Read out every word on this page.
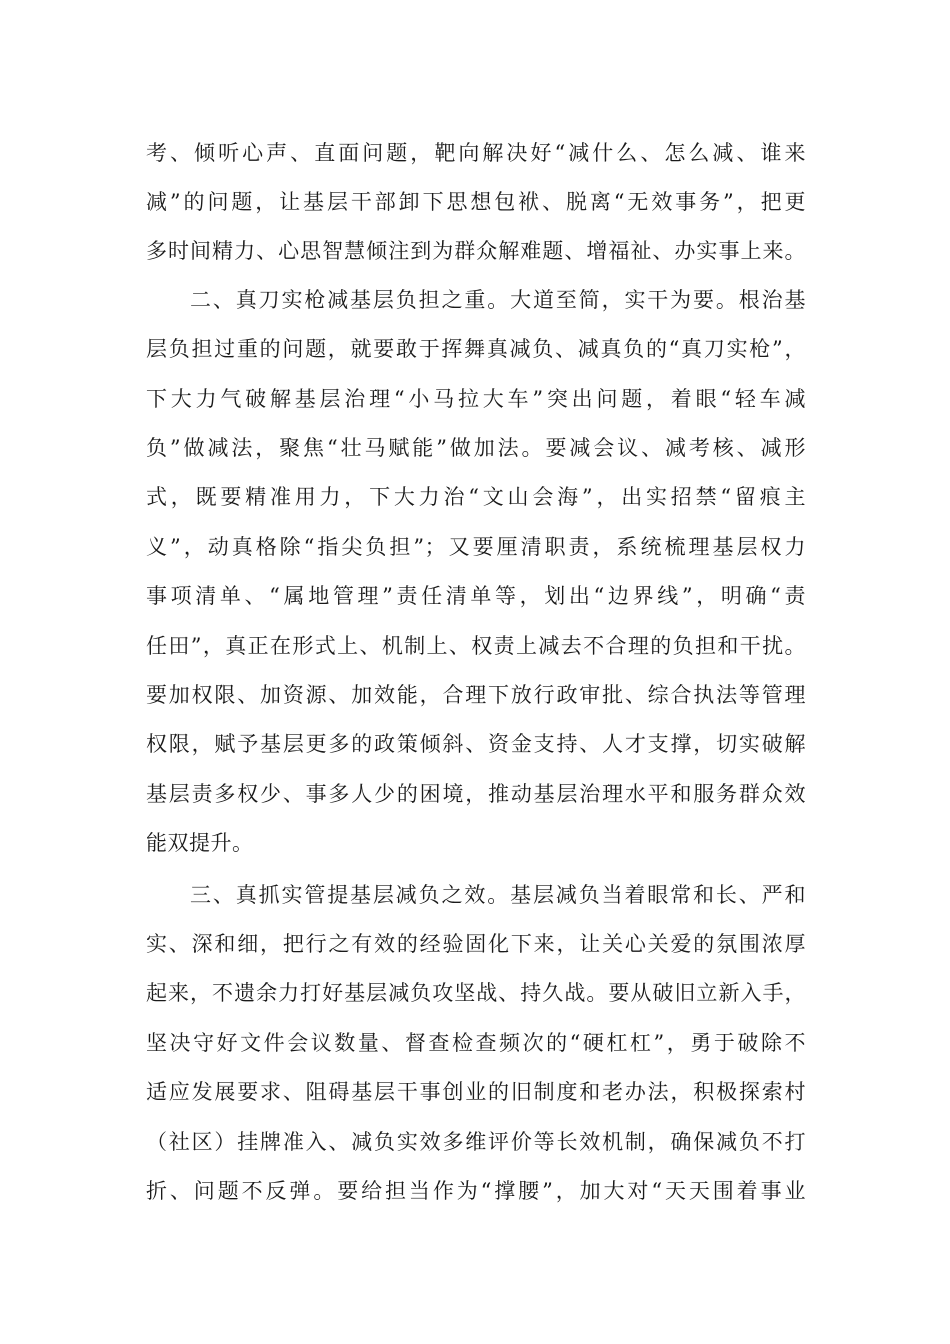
考、倾听心声、直面问题，靶向解决好“减什么、怎么减、谁来
减”的问题，让基层干部卸下思想包袱、脱离“无效事务”，把更
多时间精力、心思智慧倾注到为群众解难题、增福祉、办实事上来。
二、真刀实枪减基层负担之重。大道至简，实干为要。根治基
层负担过重的问题，就要敢于挥舞真减负、减真负的“真刀实枪”，
下大力气破解基层治理“小马拉大车”突出问题，着眼“轻车减
负”做减法，聚焦“壮马赋能”做加法。要减会议、减考核、减形
式，既要精准用力，下大力治“文山会海”，出实招禁“留痕主
义”，动真格除“指尖负担”；又要厘清职责，系统梳理基层权力
事项清单、“属地管理”责任清单等，划出“边界线”，明确“责
任田”，真正在形式上、机制上、权责上减去不合理的负担和干扰。
要加权限、加资源、加效能，合理下放行政审批、综合执法等管理
权限，赋予基层更多的政策倾斜、资金支持、人才支撑，切实破解
基层责多权少、事多人少的困境，推动基层治理水平和服务群众效
能双提升。
三、真抓实管提基层减负之效。基层减负当着眼常和长、严和
实、深和细，把行之有效的经验固化下来，让关心关爱的氛围浓厚
起来，不遗余力打好基层减负攻坚战、持久战。要从破旧立新入手，
坚决守好文件会议数量、督查检查频次的“硬杠杠”，勇于破除不
适应发展要求、阻碍基层干事创业的旧制度和老办法，积极探索村
（社区）挂牌准入、减负实效多维评价等长效机制，确保减负不打
折、问题不反弹。要给担当作为“撑腰”，加大对“天天围着事业
